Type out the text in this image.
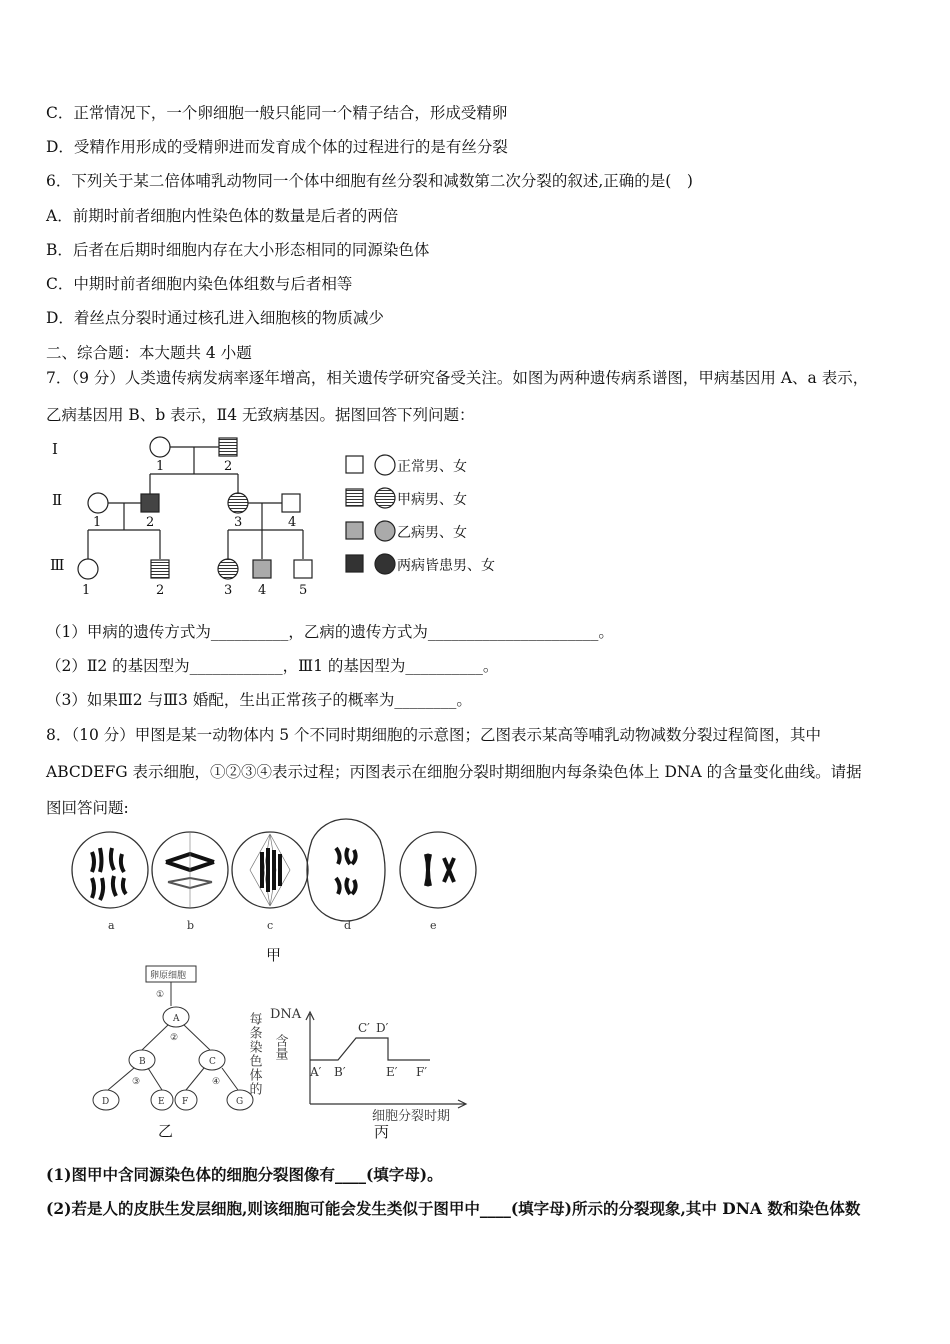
C．正常情况下，一个卵细胞一般只能同一个精子结合，形成受精卵
D．受精作用形成的受精卵进而发育成个体的过程进行的是有丝分裂
6．下列关于某二倍体哺乳动物同一个体中细胞有丝分裂和减数第二次分裂的叙述,正确的是(　)
A．前期时前者细胞内性染色体的数量是后者的两倍
B．后者在后期时细胞内存在大小形态相同的同源染色体
C．中期时前者细胞内染色体组数与后者相等
D．着丝点分裂时通过核孔进入细胞核的物质减少
二、综合题：本大题共 4 小题
7．（9 分）人类遗传病发病率逐年增高，相关遗传学研究备受关注。如图为两种遗传病系谱图，甲病基因用 A、a 表示，
乙病基因用 B、b 表示，Ⅱ4 无致病基因。据图回答下列问题：
Ⅰ
Ⅱ
Ⅲ
1	2
1	2	3	4
1	2	3 4	5
正常男、女
甲病男、女
乙病男、女
两病皆患男、女
（1）甲病的遗传方式为__________，乙病的遗传方式为______________________。
（2）Ⅱ2 的基因型为____________，Ⅲ1 的基因型为__________。
（3）如果Ⅲ2 与Ⅲ3 婚配，生出正常孩子的概率为________。
8．（10 分）甲图是某一动物体内 5 个不同时期细胞的示意图；乙图表示某高等哺乳动物减数分裂过程简图，其中
ABCDEFG 表示细胞，①②③④表示过程；丙图表示在细胞分裂时期细胞内每条染色体上 DNA 的含量变化曲线。请据
图回答问题:
a	b	c	d	e
甲
卵原细胞
①
②
③	④
A
B	C
D	E F	G
乙
每条染色体的 DNA
含量
A′ B′
C′ D′
E′ F′
细胞分裂时期
丙
(1)图甲中含同源染色体的细胞分裂图像有____(填字母)。
(2)若是人的皮肤生发层细胞,则该细胞可能会发生类似于图甲中____(填字母)所示的分裂现象,其中 DNA 数和染色体数
